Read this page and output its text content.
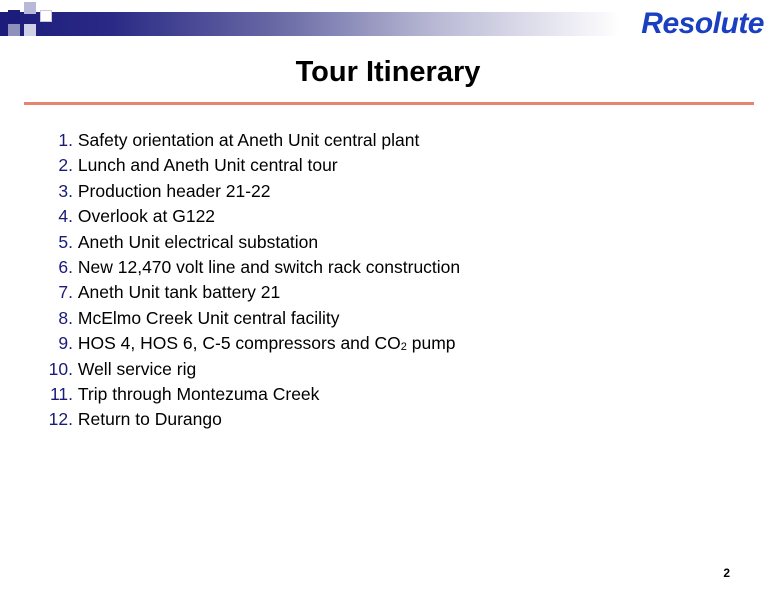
Resolute
Tour Itinerary
1. Safety orientation at Aneth Unit central plant
2. Lunch and Aneth Unit central tour
3. Production header 21-22
4. Overlook at G122
5. Aneth Unit electrical substation
6. New 12,470 volt line and switch rack construction
7. Aneth Unit tank battery 21
8. McElmo Creek Unit central facility
9. HOS 4, HOS 6, C-5 compressors and CO2 pump
10. Well service rig
11. Trip through Montezuma Creek
12. Return to Durango
2
